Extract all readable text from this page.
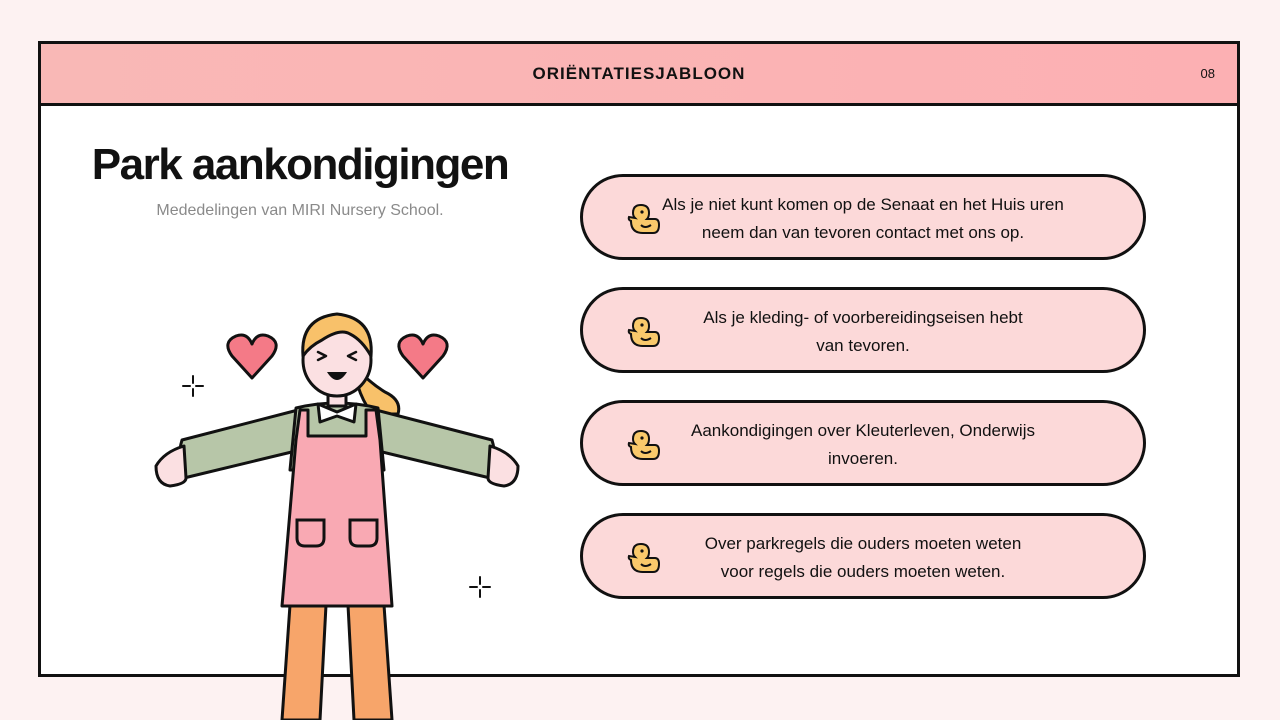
ORIËNTATIESJABLOON	08
Park aankondigingen
Mededelingen van MIRI Nursery School.	Als je niet kunt komen op de Senaat en het Huis uren
neem dan van tevoren contact met ons op.
Als je kleding- of voorbereidingseisen hebt
van tevoren.
Aankondigingen over Kleuterleven, Onderwijs
invoeren.
Over parkregels die ouders moeten weten
voor regels die ouders moeten weten.
